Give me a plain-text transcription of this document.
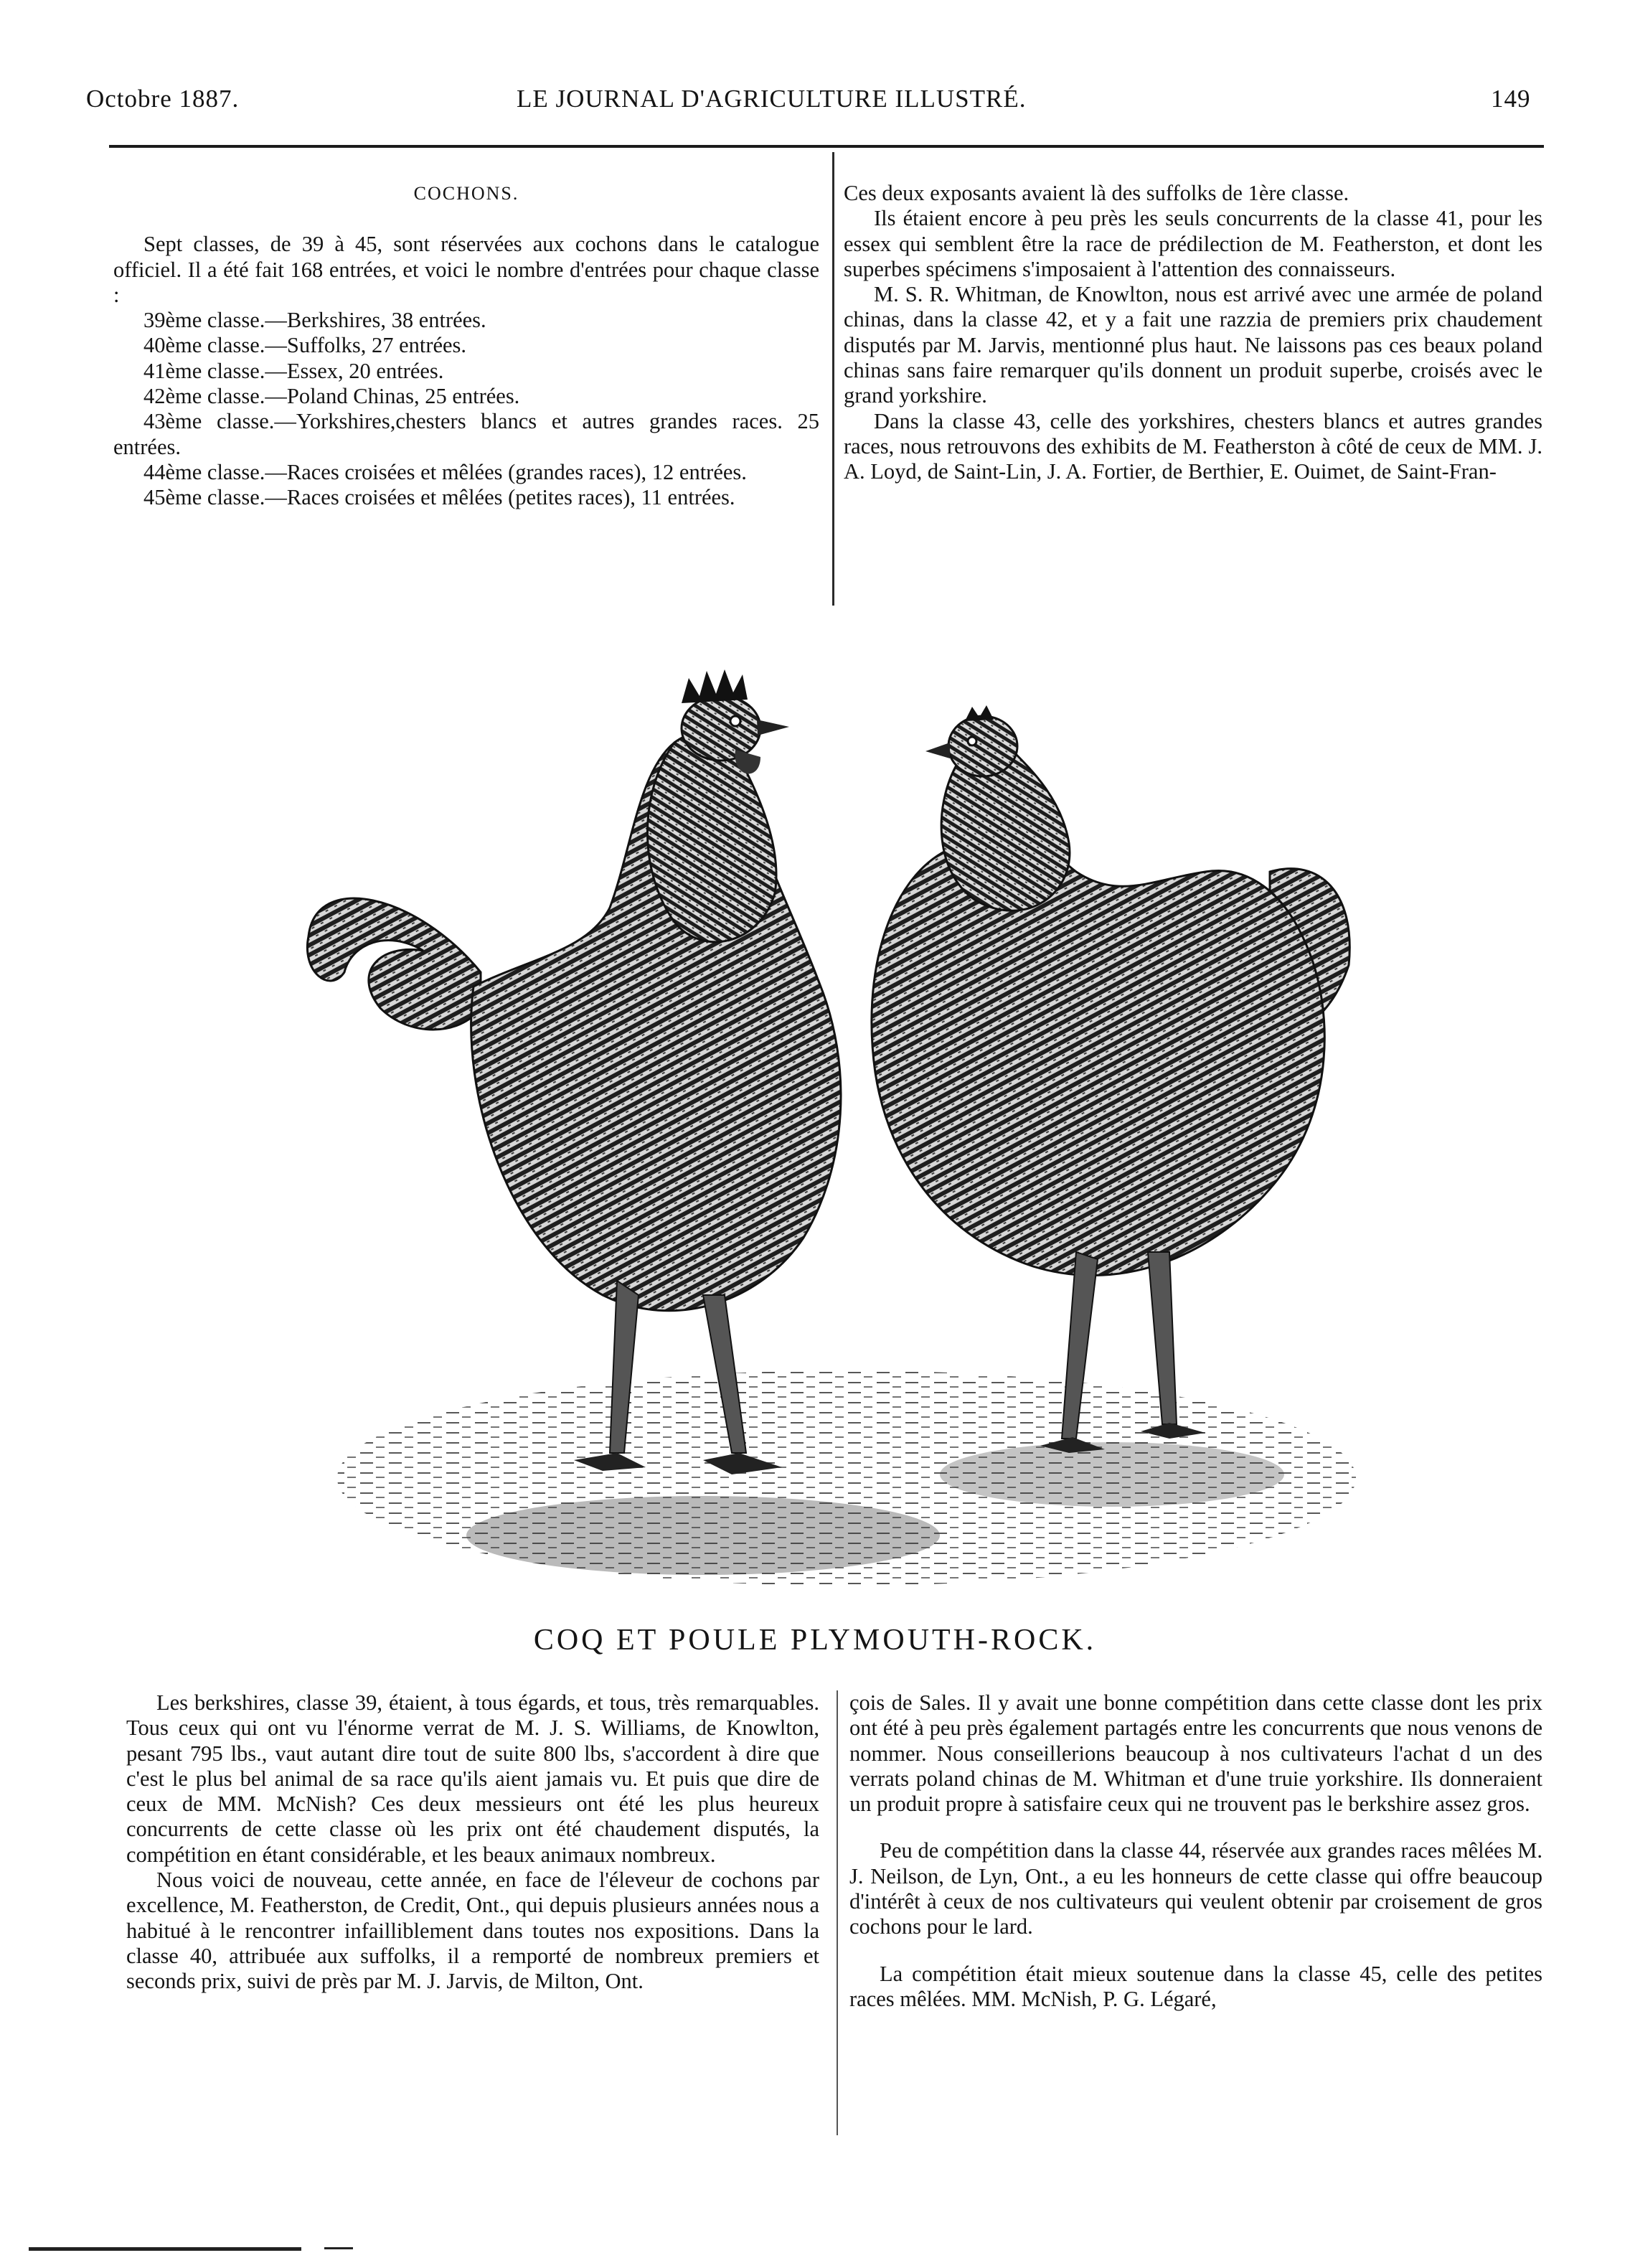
Octobre 1887.	LE JOURNAL D'AGRICULTURE ILLUSTRÉ.	149

COCHONS.

Sept classes, de 39 à 45, sont réservées aux cochons dans le catalogue officiel. Il a été fait 168 entrées, et voici le nombre d'entrées pour chaque classe :

39ème classe.—Berkshires, 38 entrées.

40ème classe.—Suffolks, 27 entrées.

41ème classe.—Essex, 20 entrées.

42ème classe.—Poland Chinas, 25 entrées.

43ème classe.—Yorkshires,chesters blancs et autres grandes races. 25 entrées.

44ème classe.—Races croisées et mêlées (grandes races), 12 entrées.

45ème classe.—Races croisées et mêlées (petites races), 11 entrées.

Ces deux exposants avaient là des suffolks de 1ère classe.

Ils étaient encore à peu près les seuls concurrents de la classe 41, pour les essex qui semblent être la race de prédilection de M. Featherston, et dont les superbes spécimens s'imposaient à l'attention des connaisseurs.

M. S. R. Whitman, de Knowlton, nous est arrivé avec une armée de poland chinas, dans la classe 42, et y a fait une razzia de premiers prix chaudement disputés par M. Jarvis, mentionné plus haut. Ne laissons pas ces beaux poland chinas sans faire remarquer qu'ils donnent un produit superbe, croisés avec le grand yorkshire.

Dans la classe 43, celle des yorkshires, chesters blancs et autres grandes races, nous retrouvons des exhibits de M. Featherston à côté de ceux de MM. J. A. Loyd, de Saint-Lin, J. A. Fortier, de Berthier, E. Ouimet, de Saint-Fran-

COQ ET POULE PLYMOUTH-ROCK.

Les berkshires, classe 39, étaient, à tous égards, et tous, très remarquables. Tous ceux qui ont vu l'énorme verrat de M. J. S. Williams, de Knowlton, pesant 795 lbs., vaut autant dire tout de suite 800 lbs, s'accordent à dire que c'est le plus bel animal de sa race qu'ils aient jamais vu. Et puis que dire de ceux de MM. McNish? Ces deux messieurs ont été les plus heureux concurrents de cette classe où les prix ont été chaudement disputés, la compétition en étant considérable, et les beaux animaux nombreux.

Nous voici de nouveau, cette année, en face de l'éleveur de cochons par excellence, M. Featherston, de Credit, Ont., qui depuis plusieurs années nous a habitué à le rencontrer infailliblement dans toutes nos expositions. Dans la classe 40, attribuée aux suffolks, il a remporté de nombreux premiers et seconds prix, suivi de près par M. J. Jarvis, de Milton, Ont.

çois de Sales. Il y avait une bonne compétition dans cette classe dont les prix ont été à peu près également partagés entre les concurrents que nous venons de nommer. Nous conseillerions beaucoup à nos cultivateurs l'achat d un des verrats poland chinas de M. Whitman et d'une truie yorkshire. Ils donneraient un produit propre à satisfaire ceux qui ne trouvent pas le berkshire assez gros.

Peu de compétition dans la classe 44, réservée aux grandes races mêlées M. J. Neilson, de Lyn, Ont., a eu les honneurs de cette classe qui offre beaucoup d'intérêt à ceux de nos cultivateurs qui veulent obtenir par croisement de gros cochons pour le lard.

La compétition était mieux soutenue dans la classe 45, celle des petites races mêlées. MM. McNish, P. G. Légaré,
